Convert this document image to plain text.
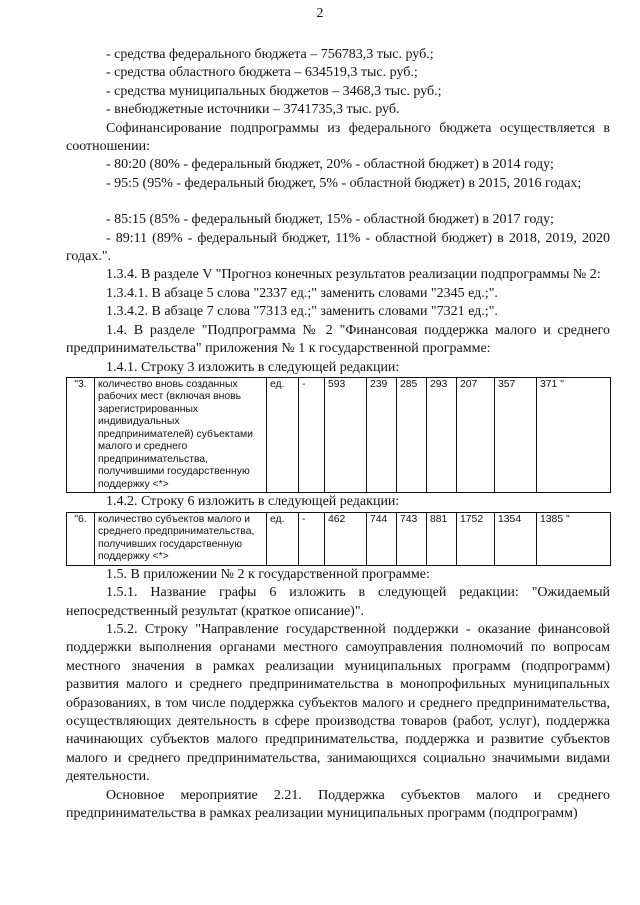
2

- средства федерального бюджета – 756783,3 тыс. руб.;

- средства областного бюджета – 634519,3 тыс. руб.;

- средства муниципальных бюджетов – 3468,3 тыс. руб.;

- внебюджетные источники – 3741735,3 тыс. руб.

Софинансирование подпрограммы из федерального бюджета осуществляется в соотношении:

- 80:20 (80% - федеральный бюджет, 20% - областной бюджет) в 2014 году;

- 95:5 (95% - федеральный бюджет, 5% - областной бюджет) в 2015, 2016 годах;

- 85:15 (85% - федеральный бюджет, 15% - областной бюджет) в 2017 году;

- 89:11 (89% - федеральный бюджет, 11% - областной бюджет) в 2018, 2019, 2020 годах.".

1.3.4. В разделе V "Прогноз конечных результатов реализации подпрограммы № 2:

1.3.4.1. В абзаце 5 слова "2337 ед.;" заменить словами "2345 ед.;".

1.3.4.2. В абзаце 7 слова "7313 ед.;" заменить словами "7321 ед.;".

1.4. В разделе "Подпрограмма № 2 "Финансовая поддержка малого и среднего предпринимательства" приложения № 1 к государственной программе:

1.4.1. Строку 3 изложить в следующей редакции:

"3.	количество вновь созданных рабочих мест (включая вновь зарегистрированных индивидуальных предпринимателей) субъектами малого и среднего предпринимательства, получившими государственную поддержку <*>	ед.	-	593	239	285	293	207	357	371 "

1.4.2. Строку 6 изложить в следующей редакции:

"6.	количество субъектов малого и среднего предпринимательства, получивших государственную поддержку <*>	ед.	-	462	744	743	881	1752	1354	1385 "

1.5. В приложении № 2 к государственной программе:

1.5.1. Название графы 6 изложить в следующей редакции: "Ожидаемый непосредственный результат (краткое описание)".

1.5.2. Строку "Направление государственной поддержки - оказание финансовой поддержки выполнения органами местного самоуправления полномочий по вопросам местного значения в рамках реализации муниципальных программ (подпрограмм) развития малого и среднего предпринимательства в монопрофильных муниципальных образованиях, в том числе поддержка субъектов малого и среднего предпринимательства, осуществляющих деятельность в сфере производства товаров (работ, услуг), поддержка начинающих субъектов малого предпринимательства, поддержка и развитие субъектов малого и среднего предпринимательства, занимающихся социально значимыми видами деятельности.

Основное мероприятие 2.21. Поддержка субъектов малого и среднего предпринимательства в рамках реализации муниципальных программ (подпрограмм)
